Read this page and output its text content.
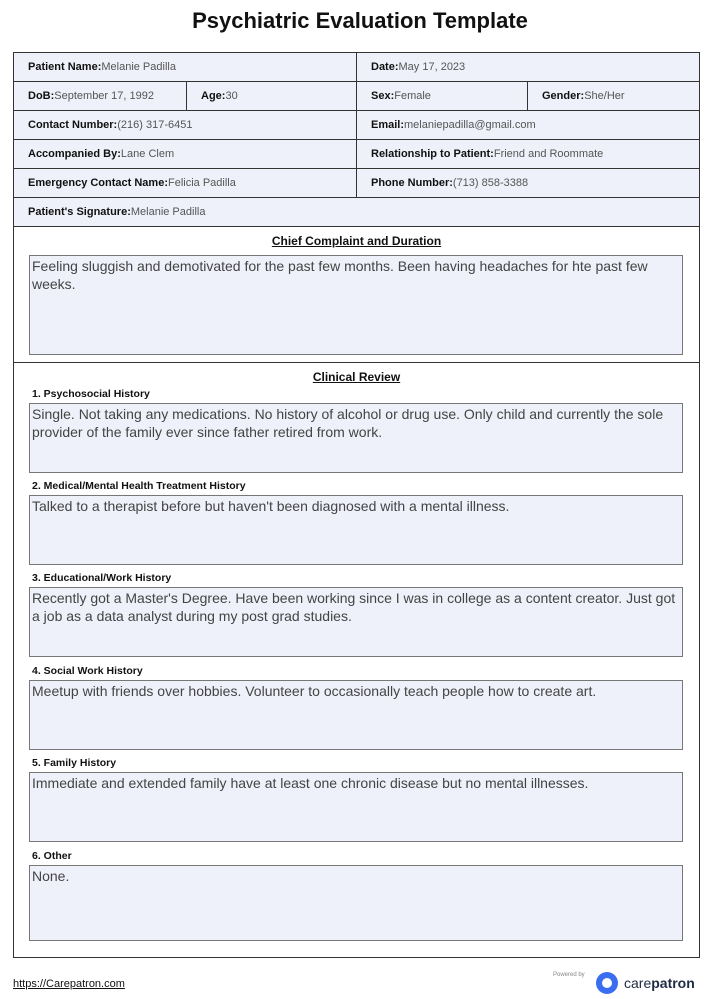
Psychiatric Evaluation Template
Patient Name: Melanie Padilla	Date: May 17, 2023
DoB: September 17, 1992	Age: 30	Sex: Female	Gender: She/Her
Contact Number: (216) 317-6451	Email: melaniepadilla@gmail.com
Accompanied By: Lane Clem	Relationship to Patient: Friend and Roommate
Emergency Contact Name: Felicia Padilla	Phone Number: (713) 858-3388
Patient's Signature: Melanie Padilla
Chief Complaint and Duration
Feeling sluggish and demotivated for the past few months. Been having headaches for hte past few weeks.
Clinical Review
1. Psychosocial History
Single. Not taking any medications. No history of alcohol or drug use. Only child and currently the sole provider of the family ever since father retired from work.
2. Medical/Mental Health Treatment History
Talked to a therapist before but haven't been diagnosed with a mental illness.
3. Educational/Work History
Recently got a Master's Degree. Have been working since I was in college as a content creator. Just got a job as a data analyst during my post grad studies.
4. Social Work History
Meetup with friends over hobbies. Volunteer to occasionally teach people how to create art.
5. Family History
Immediate and extended family have at least one chronic disease but no mental illnesses.
6. Other
None.
https://Carepatron.com
Powered by	carepatron
